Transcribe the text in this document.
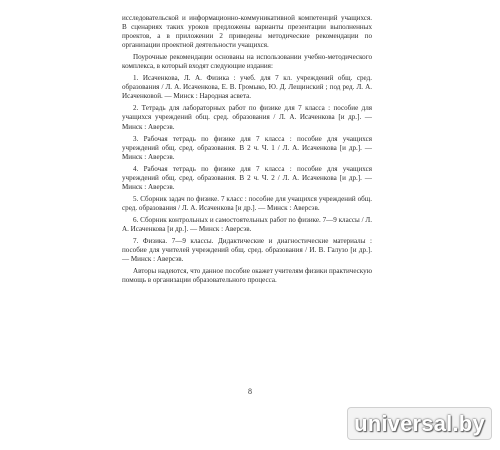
исследовательской и информационно-коммуникативной компетенций учащихся. В сценариях таких уроков предложены варианты презентации выполненных проектов, а в приложении 2 приведены методические рекомендации по организации проектной деятельности учащихся.

Поурочные рекомендации основаны на использовании учебно-методического комплекса, в который входят следующие издания:

1. Исаченкова, Л. А. Физика : учеб. для 7 кл. учреждений общ. сред. образования / Л. А. Исаченкова, Е. В. Громыко, Ю. Д. Лещинский ; под ред. Л. А. Исаченковой. — Минск : Народная асвета.

2. Тетрадь для лабораторных работ по физике для 7 класса : пособие для учащихся учреждений общ. сред. образования / Л. А. Исаченкова [и др.]. — Минск : Аверсэв.

3. Рабочая тетрадь по физике для 7 класса : пособие для учащихся учреждений общ. сред. образования. В 2 ч. Ч. 1 / Л. А. Исаченкова [и др.]. — Минск : Аверсэв.

4. Рабочая тетрадь по физике для 7 класса : пособие для учащихся учреждений общ. сред. образования. В 2 ч. Ч. 2 / Л. А. Исаченкова [и др.]. — Минск : Аверсэв.

5. Сборник задач по физике. 7 класс : пособие для учащихся учреждений общ. сред. образования / Л. А. Исаченкова [и др.]. — Минск : Аверсэв.

6. Сборник контрольных и самостоятельных работ по физике. 7—9 классы / Л. А. Исаченкова [и др.]. — Минск : Аверсэв.

7. Физика. 7—9 классы. Дидактические и диагностические материалы : пособие для учителей учреждений общ. сред. образования / И. В. Галузо [и др.]. — Минск : Аверсэв.

Авторы надеются, что данное пособие окажет учителям физики практическую помощь в организации образовательного процесса.

8
universal.by
